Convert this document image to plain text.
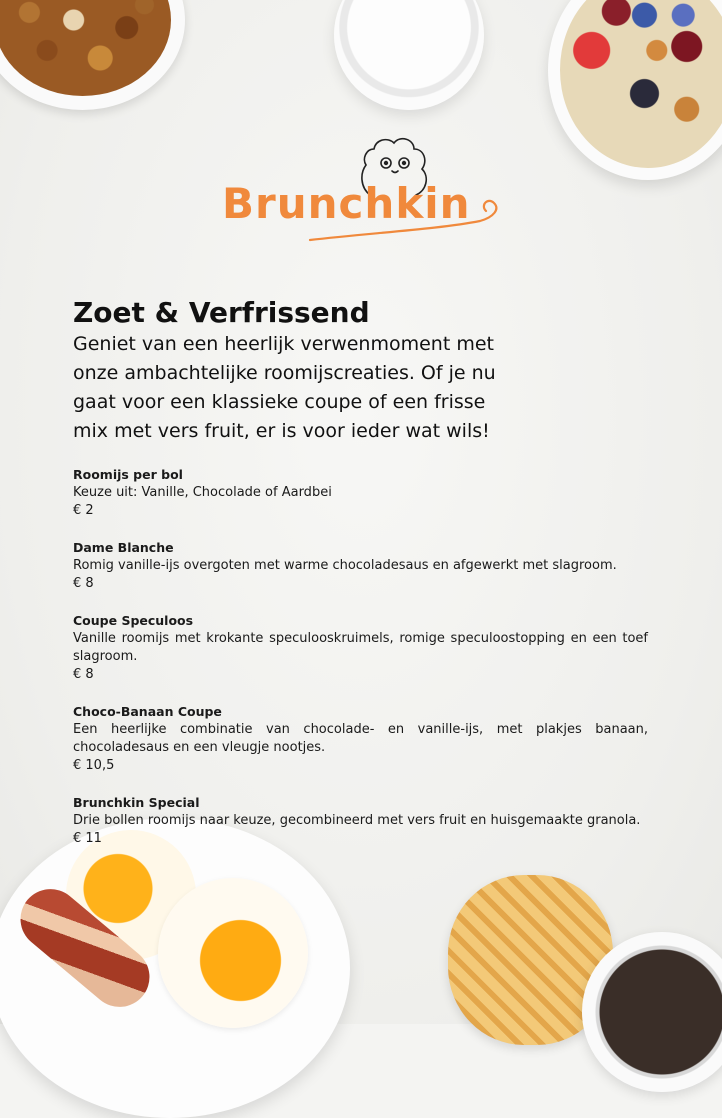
Brunchkin
Zoet & Verfrissend

Geniet van een heerlijk verwenmoment met onze ambachtelijke roomijscreaties. Of je nu gaat voor een klassieke coupe of een frisse mix met vers fruit, er is voor ieder wat wils!

Roomijs per bol
Keuze uit: Vanille, Chocolade of Aardbei
€ 2
Dame Blanche
Romig vanille-ijs overgoten met warme chocoladesaus en afgewerkt met slagroom.
€ 8
Coupe Speculoos
Vanille roomijs met krokante speculooskruimels, romige speculoostopping en een toef slagroom.
€ 8
Choco-Banaan Coupe
Een heerlijke combinatie van chocolade- en vanille-ijs, met plakjes banaan, chocoladesaus en een vleugje nootjes.
€ 10,5
Brunchkin Special
Drie bollen roomijs naar keuze, gecombineerd met vers fruit en huisgemaakte granola.
€ 11
